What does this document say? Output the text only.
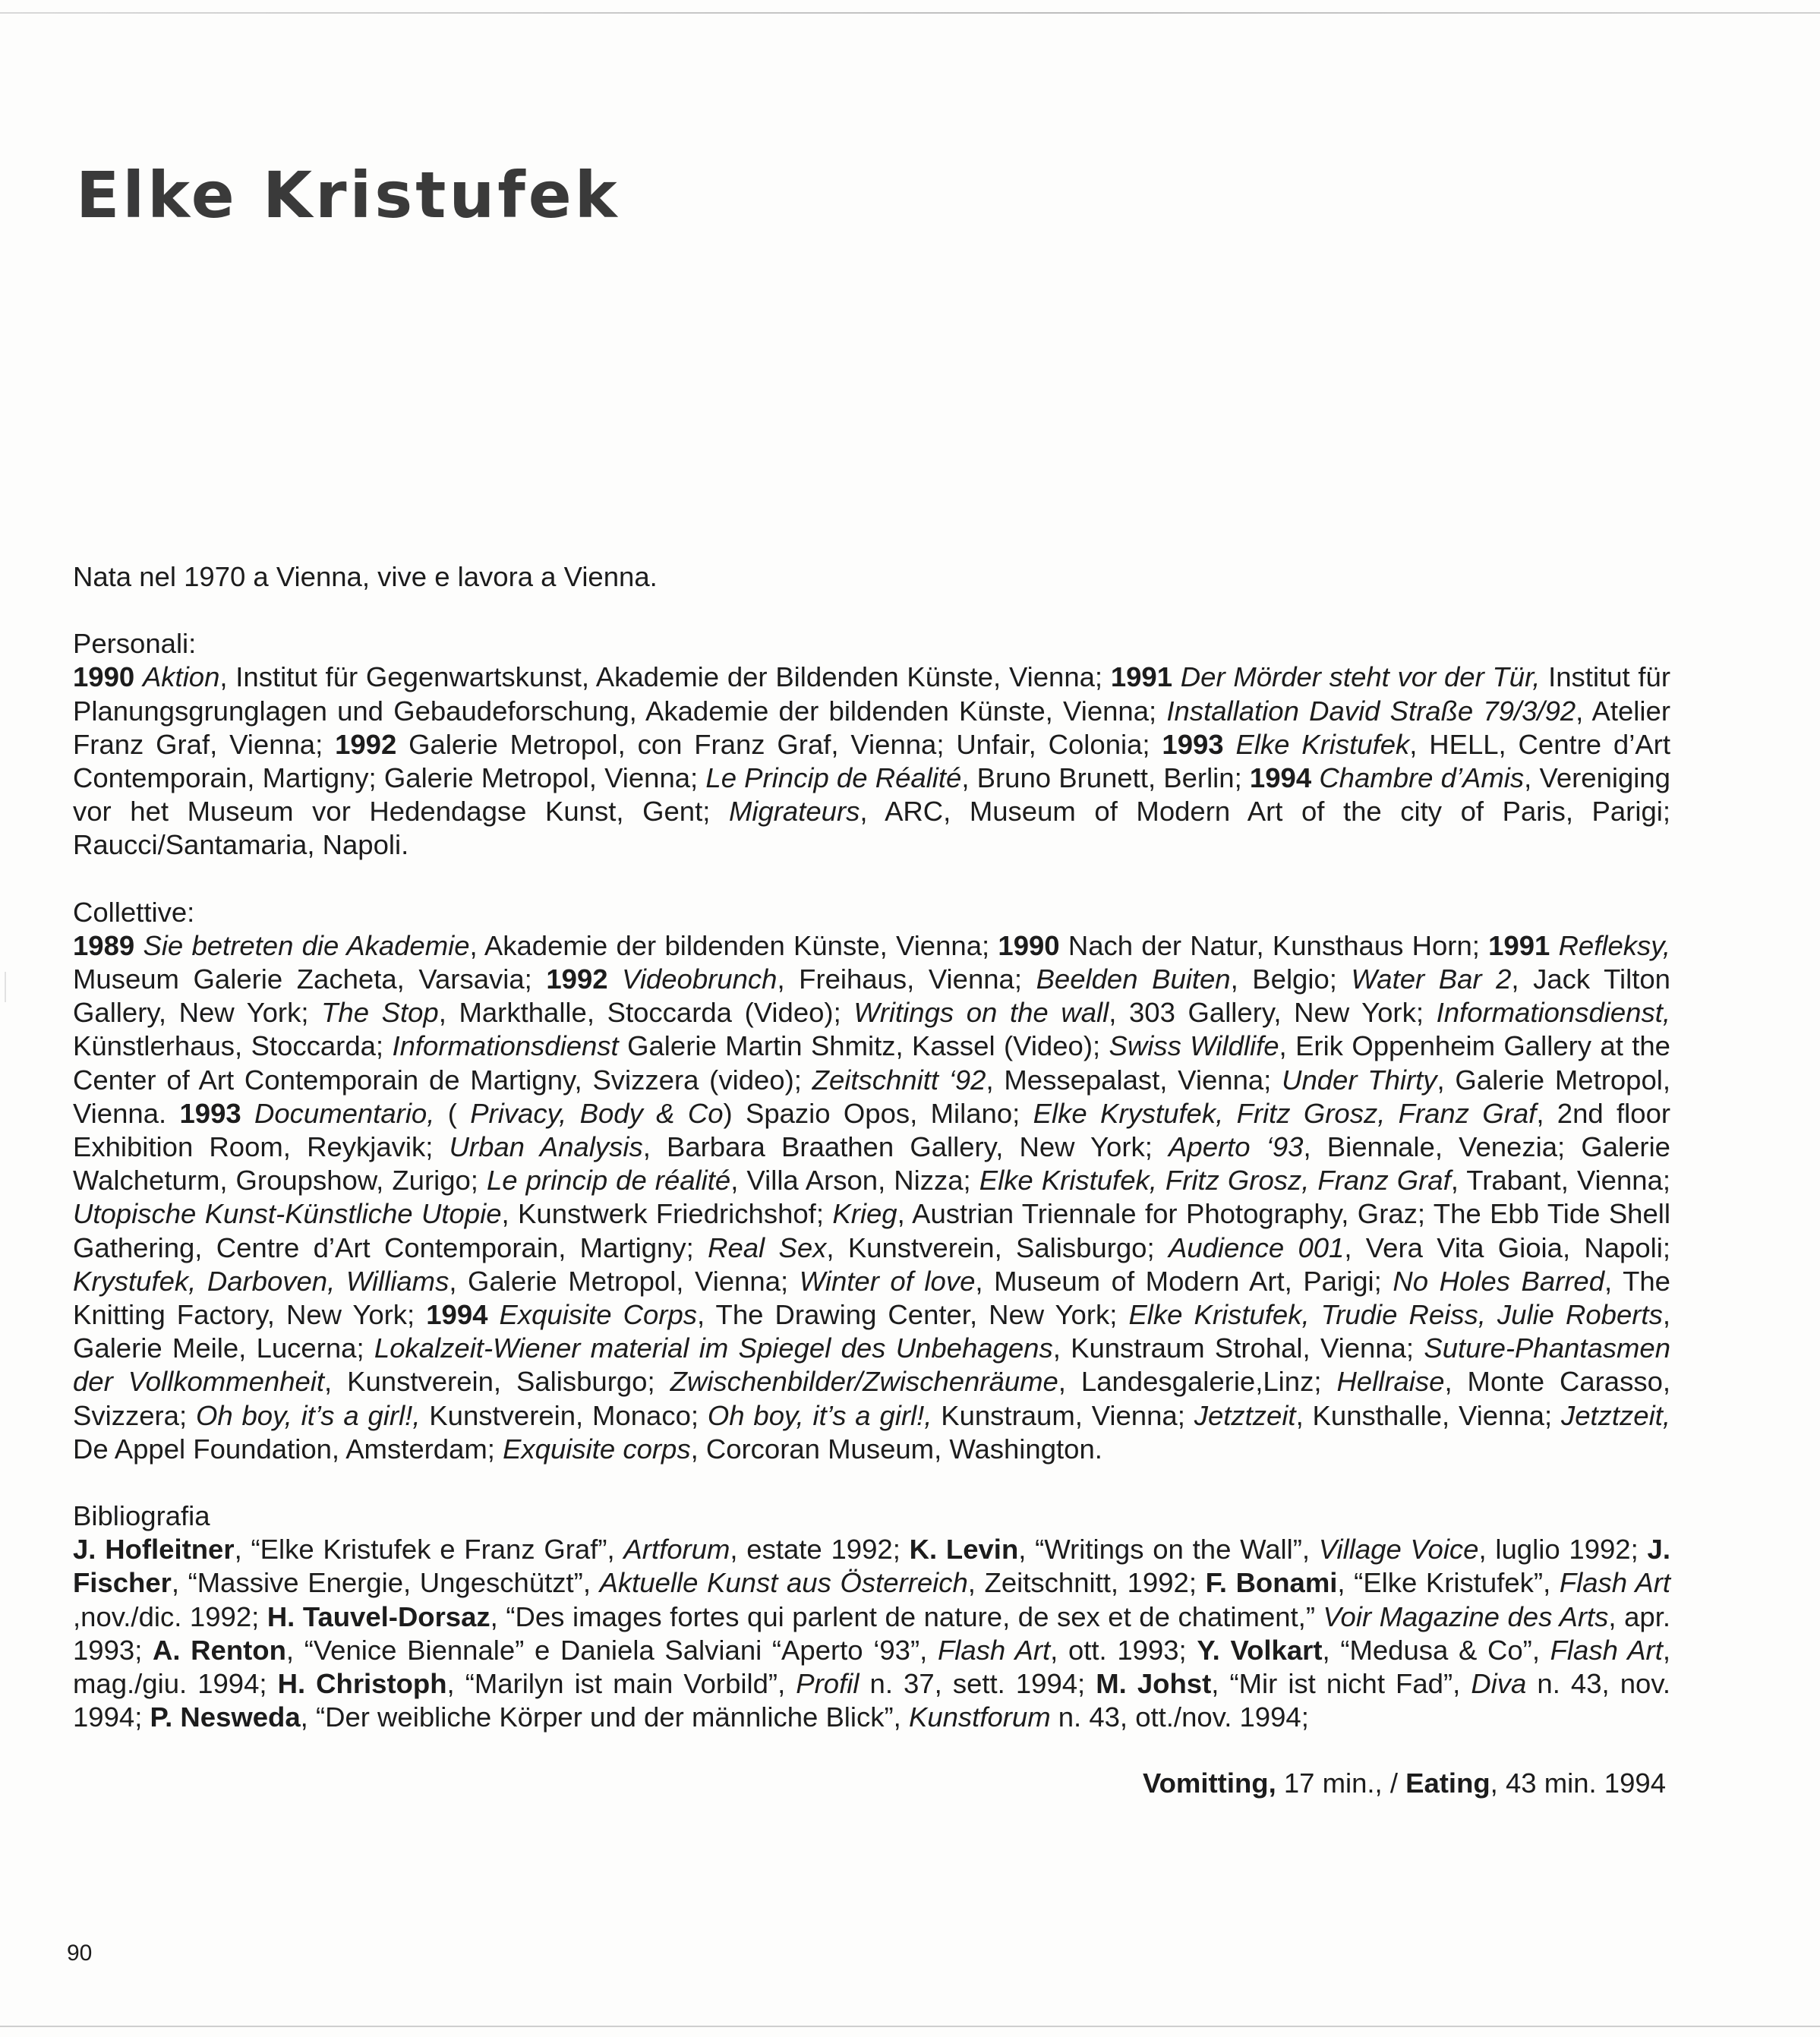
Elke Kristufek

Nata nel 1970 a Vienna, vive e lavora a Vienna.

Personali:

1990 Aktion, Institut für Gegenwartskunst, Akademie der Bildenden Künste, Vienna; 1991 Der Mörder steht vor der Tür, Institut für Planungsgrunglagen und Gebaudeforschung, Akademie der bildenden Künste, Vienna; Installation David Straße 79/3/92, Atelier Franz Graf, Vienna; 1992 Galerie Metropol, con Franz Graf, Vienna; Unfair, Colonia; 1993 Elke Kristufek, HELL, Centre d’Art Contemporain, Martigny; Galerie Metropol, Vienna; Le Princip de Réalité, Bruno Brunett, Berlin; 1994 Chambre d’Amis, Vereniging vor het Museum vor Hedendagse Kunst, Gent; Migrateurs, ARC, Museum of Modern Art of the city of Paris, Parigi; Raucci/Santamaria, Napoli.

Collettive:

1989 Sie betreten die Akademie, Akademie der bildenden Künste, Vienna; 1990 Nach der Natur, Kunsthaus Horn; 1991 Refleksy, Museum Galerie Zacheta, Varsavia; 1992 Videobrunch, Freihaus, Vienna; Beelden Buiten, Belgio; Water Bar 2, Jack Tilton Gallery, New York; The Stop, Markthalle, Stoccarda (Video); Writings on the wall, 303 Gallery, New York; Informationsdienst, Künstlerhaus, Stoccarda; Informationsdienst Galerie Martin Shmitz, Kassel (Video); Swiss Wildlife, Erik Oppenheim Gallery at the Center of Art Contemporain de Martigny, Svizzera (video); Zeitschnitt ‘92, Messepalast, Vienna; Under Thirty, Galerie Metropol, Vienna. 1993 Documentario, ( Privacy, Body & Co) Spazio Opos, Milano; Elke Krystufek, Fritz Grosz, Franz Graf, 2nd floor Exhibition Room, Reykjavik; Urban Analysis, Barbara Braathen Gallery, New York; Aperto ‘93, Biennale, Venezia; Galerie Walcheturm, Groupshow, Zurigo; Le princip de réalité, Villa Arson, Nizza; Elke Kristufek, Fritz Grosz, Franz Graf, Trabant, Vienna; Utopische Kunst-Künstliche Utopie, Kunstwerk Friedrichshof; Krieg, Austrian Triennale for Photography, Graz; The Ebb Tide Shell Gathering, Centre d’Art Contemporain, Martigny; Real Sex, Kunstverein, Salisburgo; Audience 001, Vera Vita Gioia, Napoli; Krystufek, Darboven, Williams, Galerie Metropol, Vienna; Winter of love, Museum of Modern Art, Parigi; No Holes Barred, The Knitting Factory, New York; 1994 Exquisite Corps, The Drawing Center, New York; Elke Kristufek, Trudie Reiss, Julie Roberts, Galerie Meile, Lucerna; Lokalzeit-Wiener material im Spiegel des Unbehagens, Kunstraum Strohal, Vienna; Suture-Phantasmen der Vollkommenheit, Kunstverein, Salisburgo; Zwischenbilder/Zwischenräume, Landesgalerie,Linz; Hellraise, Monte Carasso, Svizzera; Oh boy, it’s a girl!, Kunstverein, Monaco; Oh boy, it’s a girl!, Kunstraum, Vienna; Jetztzeit, Kunsthalle, Vienna; Jetztzeit, De Appel Foundation, Amsterdam; Exquisite corps, Corcoran Museum, Washington.

Bibliografia

J. Hofleitner, “Elke Kristufek e Franz Graf”, Artforum, estate 1992; K. Levin, “Writings on the Wall”, Village Voice, luglio 1992; J. Fischer, “Massive Energie, Ungeschützt”, Aktuelle Kunst aus Österreich, Zeitschnitt, 1992; F. Bonami, “Elke Kristufek”, Flash Art ,nov./dic. 1992; H. Tauvel-Dorsaz, “Des images fortes qui parlent de nature, de sex et de chatiment,” Voir Magazine des Arts, apr. 1993; A. Renton, “Venice Biennale” e Daniela Salviani “Aperto ‘93”, Flash Art, ott. 1993; Y. Volkart, “Medusa & Co”, Flash Art, mag./giu. 1994; H. Christoph, “Marilyn ist main Vorbild”, Profil n. 37, sett. 1994; M. Johst, “Mir ist nicht Fad”, Diva n. 43, nov. 1994; P. Nesweda, “Der weibliche Körper und der männliche Blick”, Kunstforum n. 43, ott./nov. 1994;

Vomitting, 17 min., / Eating, 43 min. 1994

90
